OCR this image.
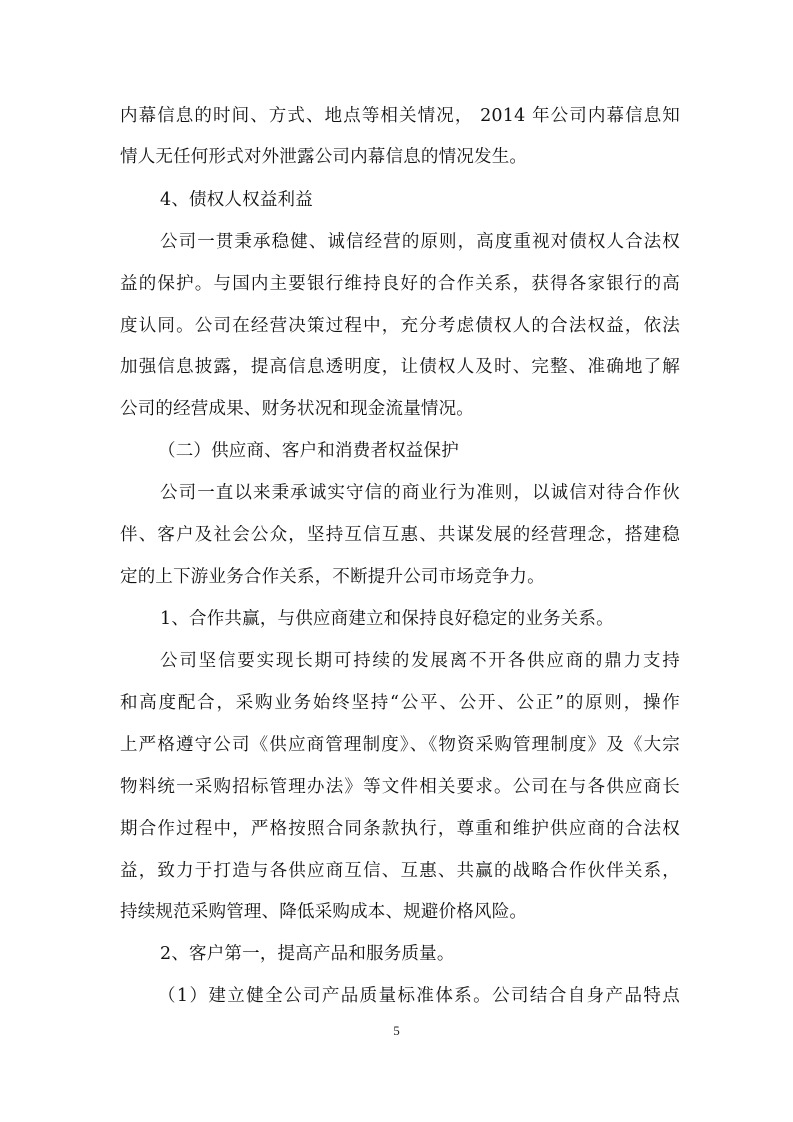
内幕信息的时间、方式、地点等相关情况， 2014 年公司内幕信息知
情人无任何形式对外泄露公司内幕信息的情况发生。
4、债权人权益利益
公司一贯秉承稳健、诚信经营的原则，高度重视对债权人合法权
益的保护。与国内主要银行维持良好的合作关系，获得各家银行的高
度认同。公司在经营决策过程中，充分考虑债权人的合法权益，依法
加强信息披露，提高信息透明度，让债权人及时、完整、准确地了解
公司的经营成果、财务状况和现金流量情况。
（二）供应商、客户和消费者权益保护
公司一直以来秉承诚实守信的商业行为准则，以诚信对待合作伙
伴、客户及社会公众，坚持互信互惠、共谋发展的经营理念，搭建稳
定的上下游业务合作关系，不断提升公司市场竞争力。
1、合作共赢，与供应商建立和保持良好稳定的业务关系。
公司坚信要实现长期可持续的发展离不开各供应商的鼎力支持
和高度配合，采购业务始终坚持“公平、公开、公正”的原则，操作
上严格遵守公司《供应商管理制度》、《物资采购管理制度》及《大宗
物料统一采购招标管理办法》等文件相关要求。公司在与各供应商长
期合作过程中，严格按照合同条款执行，尊重和维护供应商的合法权
益，致力于打造与各供应商互信、互惠、共赢的战略合作伙伴关系，
持续规范采购管理、降低采购成本、规避价格风险。
2、客户第一，提高产品和服务质量。
（1）建立健全公司产品质量标准体系。公司结合自身产品特点
5
